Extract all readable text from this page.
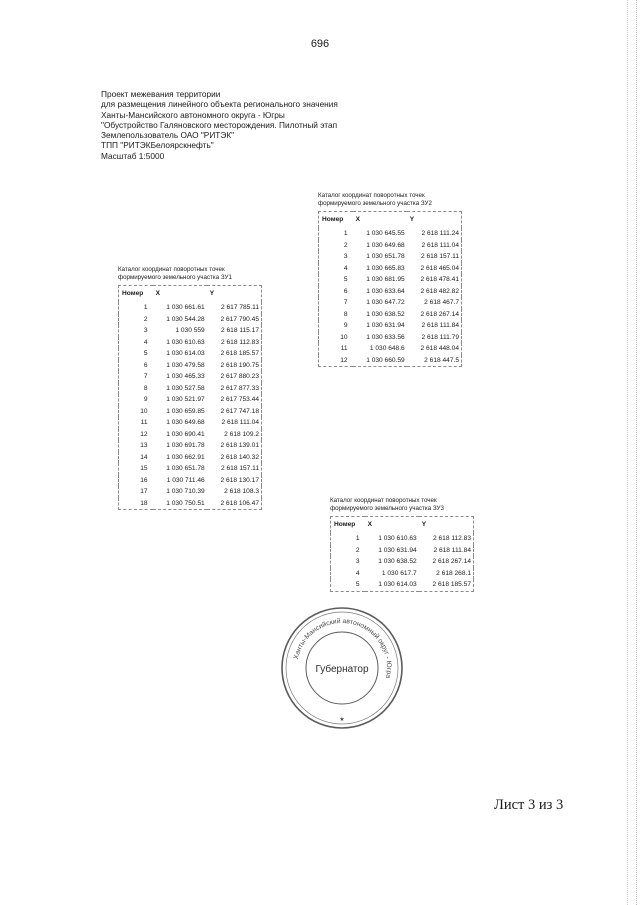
696
Проект межевания территории
для размещения линейного объекта регионального значения
Ханты-Мансийского автономного округа - Югры
"Обустройство Галяновского месторождения. Пилотный этап
Землепользователь ОАО "РИТЭК"
ТПП "РИТЭКБелоярскнефть"
Масштаб 1:5000
Каталог координат поворотных точек
формируемого земельного участка ЗУ1
Номер	X	Y
1	1 030 661.61	2 617 785.11
2	1 030 544.28	2 617 790.45
3	1 030 559	2 618 115.17
4	1 030 610.63	2 618 112.83
5	1 030 614.03	2 618 185.57
6	1 030 479.58	2 618 190.75
7	1 030 465.33	2 617 880.23
8	1 030 527.58	2 617 877.33
9	1 030 521.97	2 617 753.44
10	1 030 659.85	2 617 747.18
11	1 030 649.68	2 618 111.04
12	1 030 690.41	2 618 109.2
13	1 030 691.78	2 618 139.01
14	1 030 662.91	2 618 140.32
15	1 030 651.78	2 618 157.11
16	1 030 711.46	2 618 130.17
17	1 030 710.39	2 618 108.3
18	1 030 750.51	2 618 106.47
Каталог координат поворотных точек
формируемого земельного участка ЗУ2
Номер	X	Y
1	1 030 645.55	2 618 111.24
2	1 030 649.68	2 618 111.04
3	1 030 651.78	2 618 157.11
4	1 030 665.83	2 618 465.04
5	1 030 681.95	2 618 478.41
6	1 030 633.64	2 618 482.82
7	1 030 647.72	2 618 467.7
8	1 030 638.52	2 618 267.14
9	1 030 631.94	2 618 111.84
10	1 030 633.56	2 618 111.79
11	1 030 648.6	2 618 448.04
12	1 030 660.59	2 618 447.5
Каталог координат поворотных точек
формируемого земельного участка ЗУ3
Номер	X	Y
1	1 030 610.63	2 618 112.83
2	1 030 631.94	2 618 111.84
3	1 030 638.52	2 618 267.14
4	1 030 617.7	2 618 268.1
5	1 030 614.03	2 618 185.57
Ханты-Мансийский автономный округ - Югра
Губернатор
★
Лист 3 из 3
